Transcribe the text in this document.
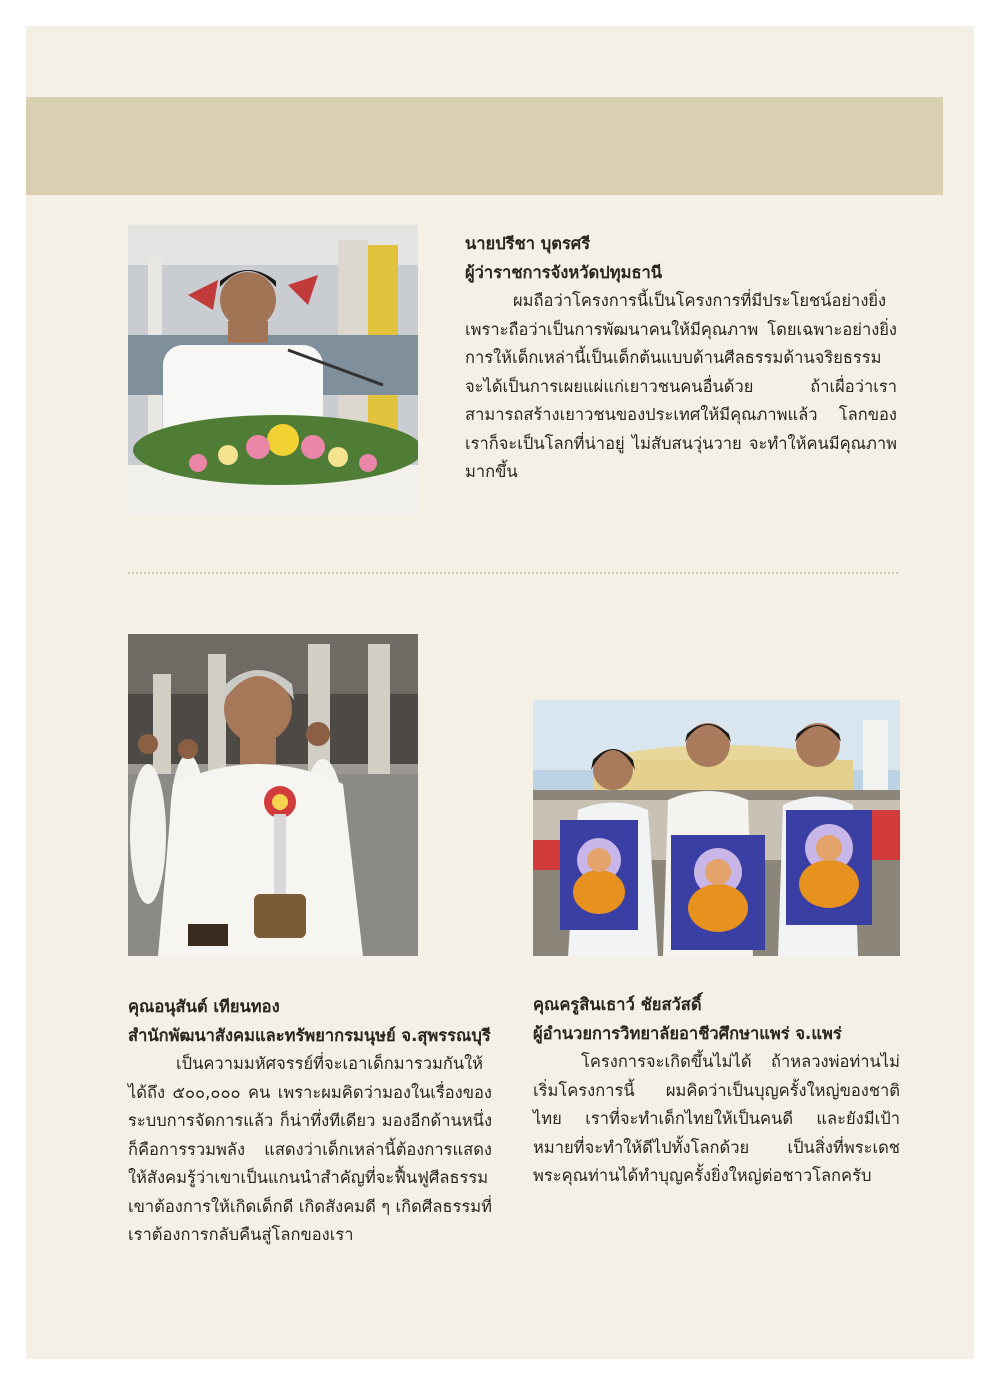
นายปรีชา บุตรศรี
ผู้ว่าราชการจังหวัดปทุมธานี
ผมถือว่าโครงการนี้เป็นโครงการที่มีประโยชน์อย่างยิ่ง เพราะถือว่าเป็นการพัฒนาคนให้มีคุณภาพ โดยเฉพาะอย่างยิ่งการให้เด็กเหล่านี้เป็นเด็กต้นแบบด้านศีลธรรมด้านจริยธรรม จะได้เป็นการเผยแผ่แก่เยาวชนคนอื่นด้วย ถ้าเผื่อว่าเราสามารถสร้างเยาวชนของประเทศให้มีคุณภาพแล้ว โลกของเราก็จะเป็นโลกที่น่าอยู่ ไม่สับสนวุ่นวาย จะทำให้คนมีคุณภาพมากขึ้น
คุณอนุสันต์ เทียนทอง
สำนักพัฒนาสังคมและทรัพยากรมนุษย์ จ.สุพรรณบุรี
เป็นความมหัศจรรย์ที่จะเอาเด็กมารวมกันให้ได้ถึง ๕๐๐,๐๐๐ คน เพราะผมคิดว่ามองในเรื่องของระบบการจัดการแล้ว ก็น่าทึ่งทีเดียว มองอีกด้านหนึ่งก็คือการรวมพลัง แสดงว่าเด็กเหล่านี้ต้องการแสดงให้สังคมรู้ว่าเขาเป็นแกนนำสำคัญที่จะฟื้นฟูศีลธรรม เขาต้องการให้เกิดเด็กดี เกิดสังคมดี ๆ เกิดศีลธรรมที่เราต้องการกลับคืนสู่โลกของเรา
คุณครูสินเธาว์ ชัยสวัสดิ์
ผู้อำนวยการวิทยาลัยอาชีวศึกษาแพร่ จ.แพร่
โครงการจะเกิดขึ้นไม่ได้ ถ้าหลวงพ่อท่านไม่เริ่มโครงการนี้ ผมคิดว่าเป็นบุญครั้งใหญ่ของชาติไทย เราที่จะทำเด็กไทยให้เป็นคนดี และยังมีเป้าหมายที่จะทำให้ดีไปทั้งโลกด้วย เป็นสิ่งที่พระเดชพระคุณท่านได้ทำบุญครั้งยิ่งใหญ่ต่อชาวโลกครับ
